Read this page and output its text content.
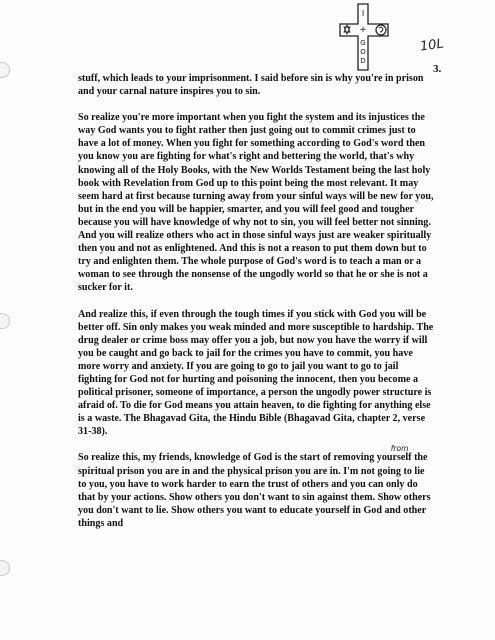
I
+
G
O
D
10L
3.

stuff, which leads to your imprisonment. I said before sin is why you're in prison and your carnal nature inspires you to sin.

So realize you're more important when you fight the system and its injustices the way God wants you to fight rather then just going out to commit crimes just to have a lot of money. When you fight for something according to God's word then you know you are fighting for what's right and bettering the world, that's why knowing all of the Holy Books, with the New Worlds Testament being the last holy book with Revelation from God up to this point being the most relevant. It may seem hard at first because turning away from your sinful ways will be new for you, but in the end you will be happier, smarter, and you will feel good and tougher because you will have knowledge of why not to sin, you will feel better not sinning. And you will realize others who act in those sinful ways just are weaker spiritually then you and not as enlightened. And this is not a reason to put them down but to try and enlighten them. The whole purpose of God's word is to teach a man or a woman to see through the nonsense of the ungodly world so that he or she is not a sucker for it.

And realize this, if even through the tough times if you stick with God you will be better off. Sin only makes you weak minded and more susceptible to hardship. The drug dealer or crime boss may offer you a job, but now you have the worry if will you be caught and go back to jail for the crimes you have to commit, you have more worry and anxiety. If you are going to go to jail you want to go to jail fighting for God not for hurting and poisoning the innocent, then you become a political prisoner, someone of importance, a person the ungodly power structure is afraid of. To die for God means you attain heaven, to die fighting for anything else is a waste. The Bhagavad Gita, the Hindu Bible (Bhagavad Gita, chapter 2, verse 31-38).

So realize this, my friends, knowledge of God is the start of removing yourself
from
the spiritual prison you are in and the physical prison you are in. I'm not going to lie to you, you have to work harder to earn the trust of others and you can only do that by your actions. Show others you don't want to sin against them. Show others you don't want to lie. Show others you want to educate yourself in God and other things and
